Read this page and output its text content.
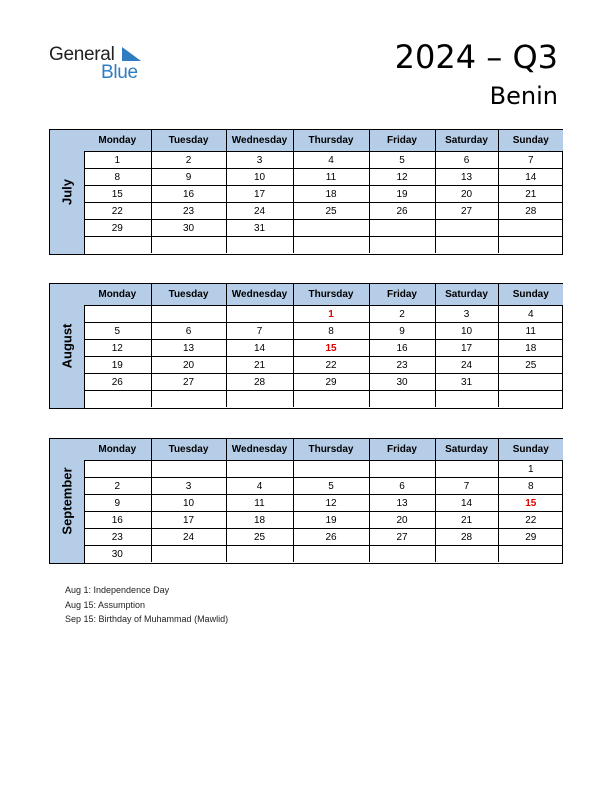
General
Blue	2024 – Q3
Benin
July
Monday	Tuesday	Wednesday	Thursday	Friday	Saturday	Sunday
1	2	3	4	5	6	7
8	9	10	11	12	13	14
15	16	17	18	19	20	21
22	23	24	25	26	27	28
29	30	31				

August
Monday	Tuesday	Wednesday	Thursday	Friday	Saturday	Sunday
			1	2	3	4
5	6	7	8	9	10	11
12	13	14	15	16	17	18
19	20	21	22	23	24	25
26	27	28	29	30	31	

September
Monday	Tuesday	Wednesday	Thursday	Friday	Saturday	Sunday
						1
2	3	4	5	6	7	8
9	10	11	12	13	14	15
16	17	18	19	20	21	22
23	24	25	26	27	28	29
30						
Aug 1: Independence Day
Aug 15: Assumption
Sep 15: Birthday of Muhammad (Mawlid)
